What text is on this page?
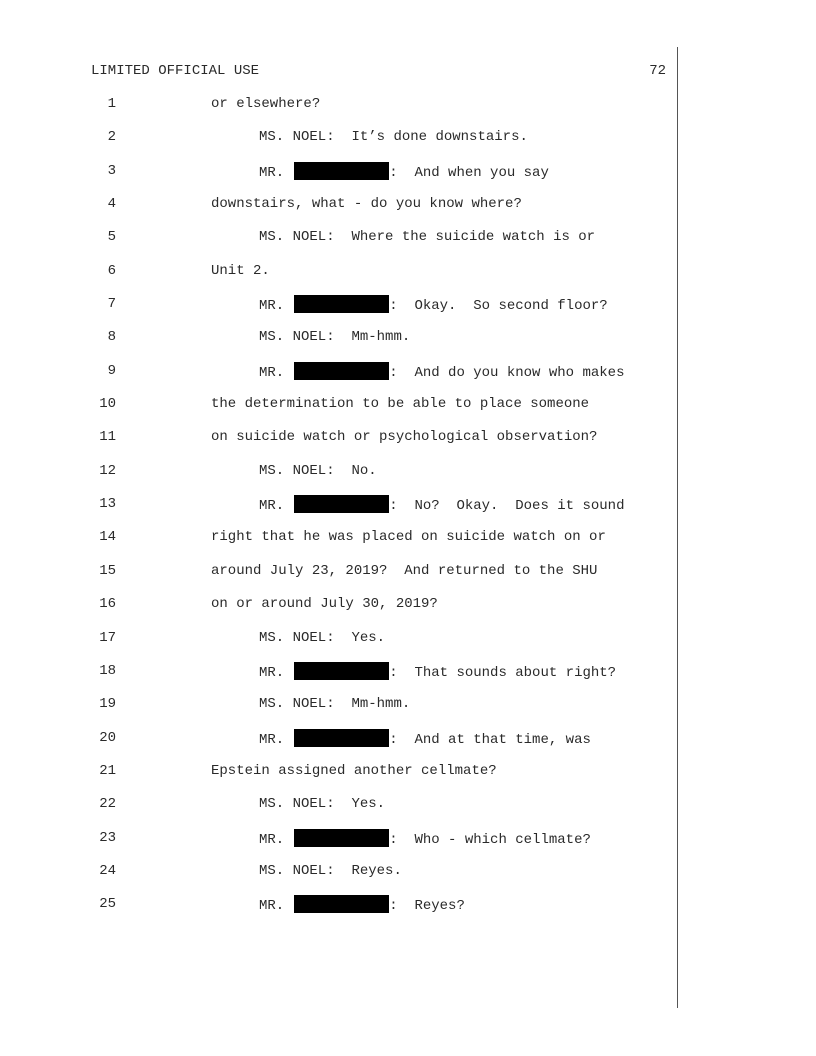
LIMITED OFFICIAL USE	72
1	or elsewhere?
2	MS. NOEL: It’s done downstairs.
3	MR.	:  And when you say
4	downstairs, what - do you know where?
5	MS. NOEL: Where the suicide watch is or
6	Unit 2.
7	MR.	:  Okay.  So second floor?
8	MS. NOEL: Mm-hmm.
9	MR.	:  And do you know who makes
10	the determination to be able to place someone
11	on suicide watch or psychological observation?
12	MS. NOEL: No.
13	MR.	:  No?  Okay.  Does it sound
14	right that he was placed on suicide watch on or
15	around July 23, 2019?  And returned to the SHU
16	on or around July 30, 2019?
17	MS. NOEL: Yes.
18	MR.	:  That sounds about right?
19	MS. NOEL: Mm-hmm.
20	MR.	:  And at that time, was
21	Epstein assigned another cellmate?
22	MS. NOEL: Yes.
23	MR.	:  Who - which cellmate?
24	MS. NOEL: Reyes.
25	MR.	:  Reyes?
